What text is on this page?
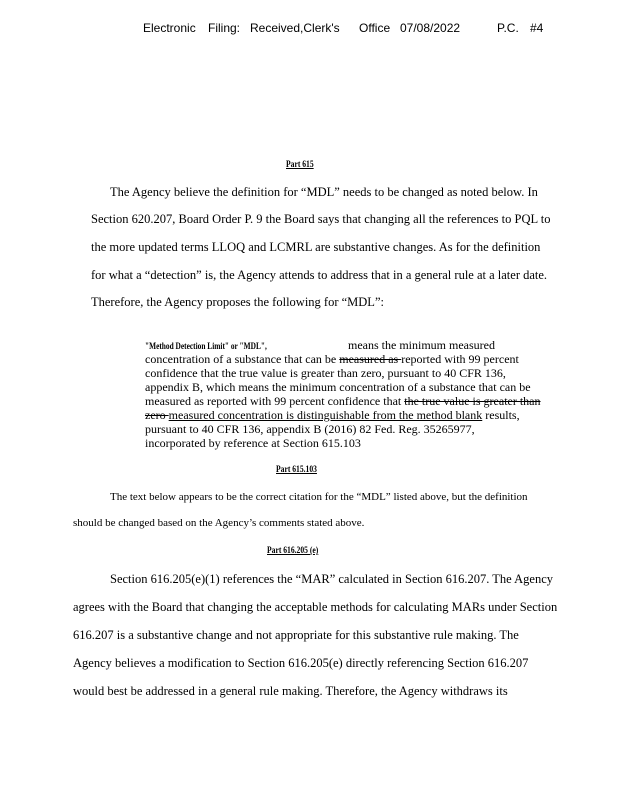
Electronic Filing: Received,Clerk's Office 07/08/2022	P.C. #4
Part 615
The Agency believe the definition for “MDL” needs to be changed as noted below. In
Section 620.207, Board Order P. 9 the Board says that changing all the references to PQL to
the more updated terms LLOQ and LCMRL are substantive changes. As for the definition
for what a “detection” is, the Agency attends to address that in a general rule at a later date.
Therefore, the Agency proposes the following for “MDL”:
"Method Detection Limit" or "MDL",	means the minimum measured
concentration of a substance that can be measured as reported with 99 percent
confidence that the true value is greater than zero, pursuant to 40 CFR 136,
appendix B, which means the minimum concentration of a substance that can be
measured as reported with 99 percent confidence that the true value is greater than
zero measured concentration is distinguishable from the method blank results,
pursuant to 40 CFR 136, appendix B (2016) 82 Fed. Reg. 35265977,
incorporated by reference at Section 615.103
Part 615.103
The text below appears to be the correct citation for the “MDL” listed above, but the definition
should be changed based on the Agency’s comments stated above.
Part 616.205 (e)
Section 616.205(e)(1) references the “MAR” calculated in Section 616.207. The Agency
agrees with the Board that changing the acceptable methods for calculating MARs under Section
616.207 is a substantive change and not appropriate for this substantive rule making. The
Agency believes a modification to Section 616.205(e) directly referencing Section 616.207
would best be addressed in a general rule making. Therefore, the Agency withdraws its
